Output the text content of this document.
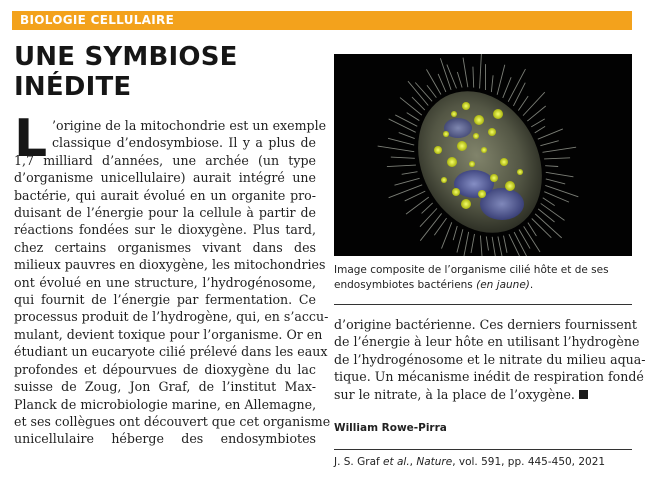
BIOLOGIE CELLULAIRE
UNE SYMBIOSE
INÉDITE
L ’origine de la mitochondrie est un exemple
classique d’endosymbiose. Il y a plus de
1,7 milliard d’années, une archée (un type
d’organisme unicellulaire) aurait intégré une
bactérie, qui aurait évolué en un organite pro-
duisant de l’énergie pour la cellule à partir de
réactions fondées sur le dioxygène. Plus tard,
chez certains organismes vivant dans des
milieux pauvres en dioxygène, les mitochondries
ont évolué en une structure, l’hydrogénosome,
qui fournit de l’énergie par fermentation. Ce
processus produit de l’hydrogène, qui, en s’accu-
mulant, devient toxique pour l’organisme. Or en
étudiant un eucaryote cilié prélevé dans les eaux
profondes et dépourvues de dioxygène du lac
suisse de Zoug, Jon Graf, de l’institut Max-
Planck de microbiologie marine, en Allemagne,
et ses collègues ont découvert que cet organisme
unicellulaire héberge des endosymbiotes
Image composite de l’organisme cilié hôte et de ses
endosymbiotes bactériens (en jaune).
d’origine bactérienne. Ces derniers fournissent
de l’énergie à leur hôte en utilisant l’hydrogène
de l’hydrogénosome et le nitrate du milieu aqua-
tique. Un mécanisme inédit de respiration fondé
sur le nitrate, à la place de l’oxygène.
William Rowe-Pirra
J. S. Graf et al., Nature, vol. 591, pp. 445-450, 2021
